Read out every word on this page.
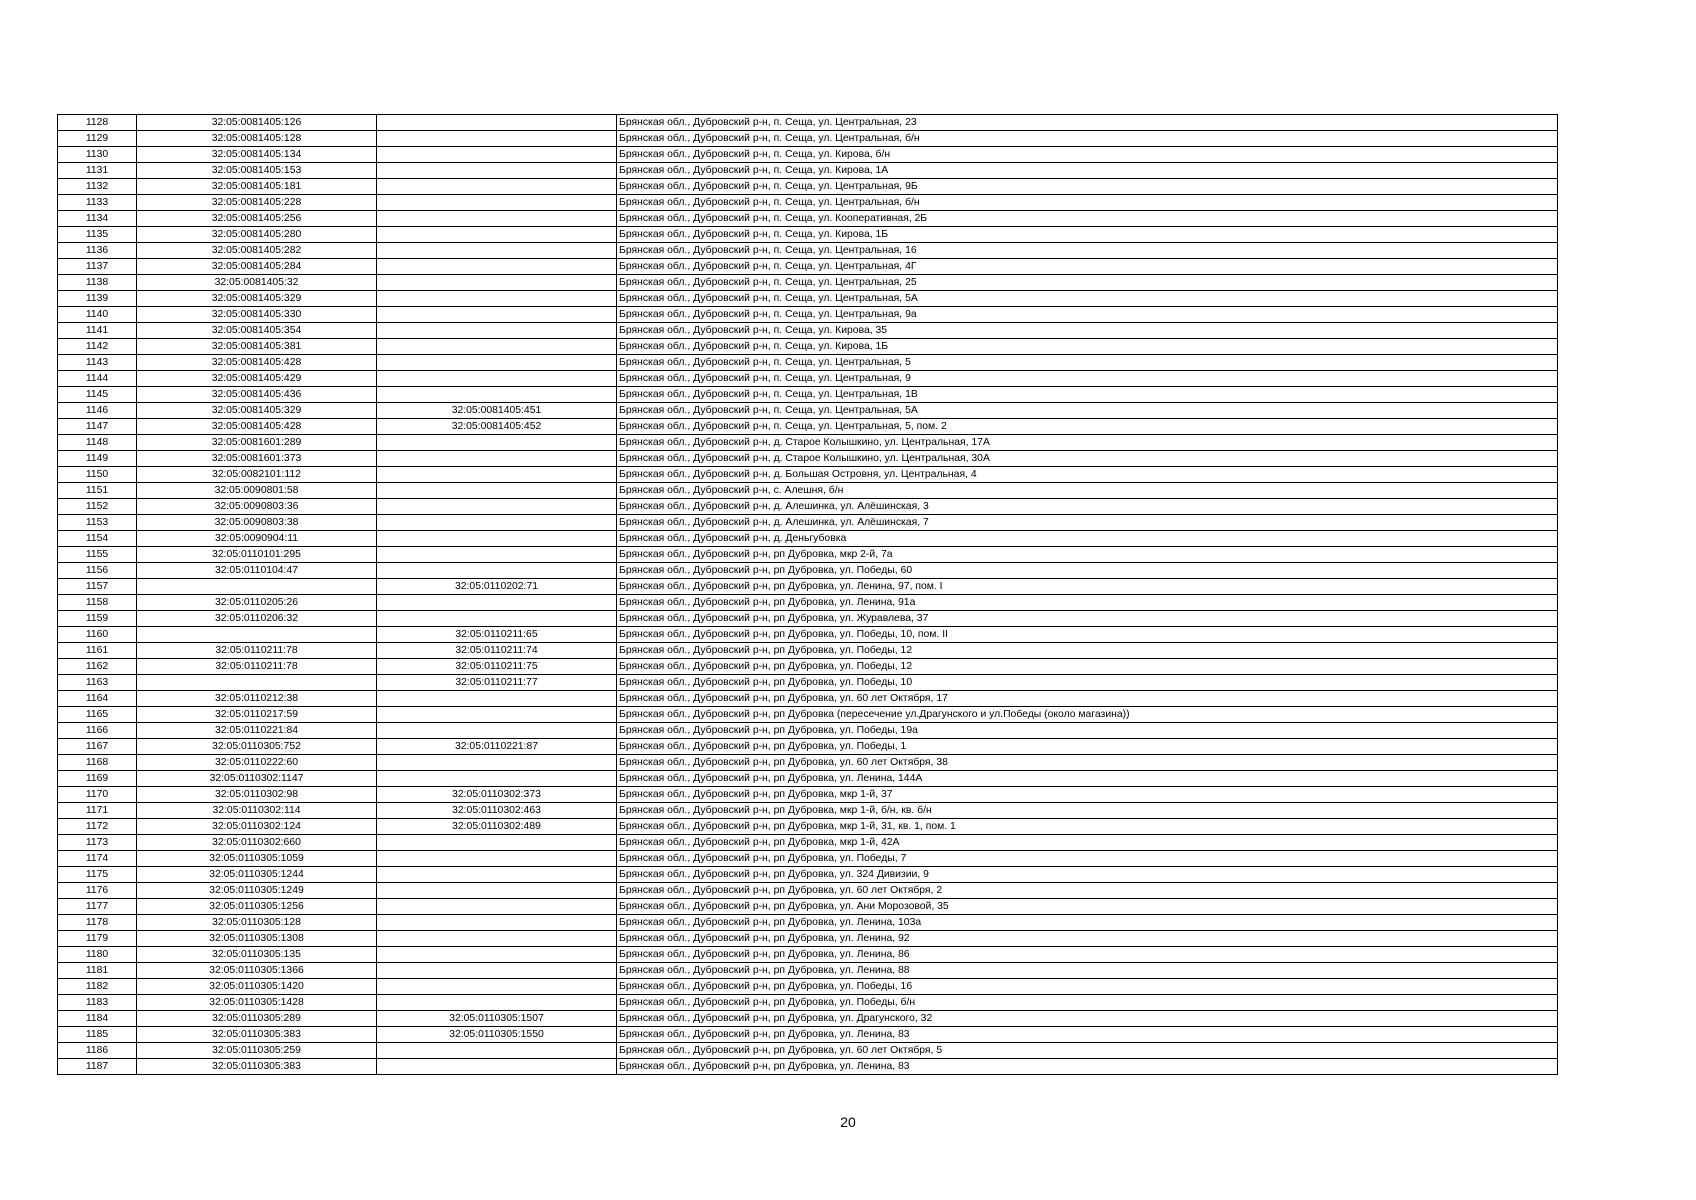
1128	32:05:0081405:126		Брянская обл., Дубровский р-н, п. Сеща, ул. Центральная, 23
1129	32:05:0081405:128		Брянская обл., Дубровский р-н, п. Сеща, ул. Центральная, б/н
1130	32:05:0081405:134		Брянская обл., Дубровский р-н, п. Сеща, ул. Кирова, б/н
1131	32:05:0081405:153		Брянская обл., Дубровский р-н, п. Сеща, ул. Кирова, 1А
1132	32:05:0081405:181		Брянская обл., Дубровский р-н, п. Сеща, ул. Центральная, 9Б
1133	32:05:0081405:228		Брянская обл., Дубровский р-н, п. Сеща, ул. Центральная, б/н
1134	32:05:0081405:256		Брянская обл., Дубровский р-н, п. Сеща, ул. Кооперативная, 2Б
1135	32:05:0081405:280		Брянская обл., Дубровский р-н, п. Сеща, ул. Кирова, 1Б
1136	32:05:0081405:282		Брянская обл., Дубровский р-н, п. Сеща, ул. Центральная, 16
1137	32:05:0081405:284		Брянская обл., Дубровский р-н, п. Сеща, ул. Центральная, 4Г
1138	32:05:0081405:32		Брянская обл., Дубровский р-н, п. Сеща, ул. Центральная, 25
1139	32:05:0081405:329		Брянская обл., Дубровский р-н, п. Сеща, ул. Центральная, 5А
1140	32:05:0081405:330		Брянская обл., Дубровский р-н, п. Сеща, ул. Центральная, 9а
1141	32:05:0081405:354		Брянская обл., Дубровский р-н, п. Сеща, ул. Кирова, 35
1142	32:05:0081405:381		Брянская обл., Дубровский р-н, п. Сеща, ул. Кирова, 1Б
1143	32:05:0081405:428		Брянская обл., Дубровский р-н, п. Сеща, ул. Центральная, 5
1144	32:05:0081405:429		Брянская обл., Дубровский р-н, п. Сеща, ул. Центральная, 9
1145	32:05:0081405:436		Брянская обл., Дубровский р-н, п. Сеща, ул. Центральная, 1В
1146	32:05:0081405:329	32:05:0081405:451	Брянская обл., Дубровский р-н, п. Сеща, ул. Центральная, 5А
1147	32:05:0081405:428	32:05:0081405:452	Брянская обл., Дубровский р-н, п. Сеща, ул. Центральная, 5, пом. 2
1148	32:05:0081601:289		Брянская обл., Дубровский р-н, д. Старое Колышкино, ул. Центральная, 17А
1149	32:05:0081601:373		Брянская обл., Дубровский р-н, д. Старое Колышкино, ул. Центральная, 30А
1150	32:05:0082101:112		Брянская обл., Дубровский р-н, д. Большая Островня, ул. Центральная, 4
1151	32:05:0090801:58		Брянская обл., Дубровский р-н, с. Алешня, б/н
1152	32:05:0090803:36		Брянская обл., Дубровский р-н, д. Алешинка, ул. Алёшинская, 3
1153	32:05:0090803:38		Брянская обл., Дубровский р-н, д. Алешинка, ул. Алёшинская, 7
1154	32:05:0090904:11		Брянская обл., Дубровский р-н, д. Деньгубовка
1155	32:05:0110101:295		Брянская обл., Дубровский р-н, рп Дубровка, мкр 2-й, 7а
1156	32:05:0110104:47		Брянская обл., Дубровский р-н, рп Дубровка, ул. Победы, 60
1157		32:05:0110202:71	Брянская обл., Дубровский р-н, рп Дубровка, ул. Ленина, 97, пом. I
1158	32:05:0110205:26		Брянская обл., Дубровский р-н, рп Дубровка, ул. Ленина, 91а
1159	32:05:0110206:32		Брянская обл., Дубровский р-н, рп Дубровка, ул. Журавлева, 37
1160		32:05:0110211:65	Брянская обл., Дубровский р-н, рп Дубровка, ул. Победы, 10, пом. II
1161	32:05:0110211:78	32:05:0110211:74	Брянская обл., Дубровский р-н, рп Дубровка, ул. Победы, 12
1162	32:05:0110211:78	32:05:0110211:75	Брянская обл., Дубровский р-н, рп Дубровка, ул. Победы, 12
1163		32:05:0110211:77	Брянская обл., Дубровский р-н, рп Дубровка, ул. Победы, 10
1164	32:05:0110212:38		Брянская обл., Дубровский р-н, рп Дубровка, ул. 60 лет Октября, 17
1165	32:05:0110217:59		Брянская обл., Дубровский р-н, рп Дубровка (пересечение ул.Драгунского и ул.Победы (около магазина))
1166	32:05:0110221:84		Брянская обл., Дубровский р-н, рп Дубровка, ул. Победы, 19а
1167	32:05:0110305:752	32:05:0110221:87	Брянская обл., Дубровский р-н, рп Дубровка, ул. Победы, 1
1168	32:05:0110222:60		Брянская обл., Дубровский р-н, рп Дубровка, ул. 60 лет Октября, 38
1169	32:05:0110302:1147		Брянская обл., Дубровский р-н, рп Дубровка, ул. Ленина, 144А
1170	32:05:0110302:98	32:05:0110302:373	Брянская обл., Дубровский р-н, рп Дубровка, мкр 1-й, 37
1171	32:05:0110302:114	32:05:0110302:463	Брянская обл., Дубровский р-н, рп Дубровка, мкр 1-й, б/н, кв. б/н
1172	32:05:0110302:124	32:05:0110302:489	Брянская обл., Дубровский р-н, рп Дубровка, мкр 1-й, 31, кв. 1, пом. 1
1173	32:05:0110302:660		Брянская обл., Дубровский р-н, рп Дубровка, мкр 1-й, 42А
1174	32:05:0110305:1059		Брянская обл., Дубровский р-н, рп Дубровка, ул. Победы, 7
1175	32:05:0110305:1244		Брянская обл., Дубровский р-н, рп Дубровка, ул. 324 Дивизии, 9
1176	32:05:0110305:1249		Брянская обл., Дубровский р-н, рп Дубровка, ул. 60 лет Октября, 2
1177	32:05:0110305:1256		Брянская обл., Дубровский р-н, рп Дубровка, ул. Ани Морозовой, 35
1178	32:05:0110305:128		Брянская обл., Дубровский р-н, рп Дубровка, ул. Ленина, 103а
1179	32:05:0110305:1308		Брянская обл., Дубровский р-н, рп Дубровка, ул. Ленина, 92
1180	32:05:0110305:135		Брянская обл., Дубровский р-н, рп Дубровка, ул. Ленина, 86
1181	32:05:0110305:1366		Брянская обл., Дубровский р-н, рп Дубровка, ул. Ленина, 88
1182	32:05:0110305:1420		Брянская обл., Дубровский р-н, рп Дубровка, ул. Победы, 16
1183	32:05:0110305:1428		Брянская обл., Дубровский р-н, рп Дубровка, ул. Победы, б/н
1184	32:05:0110305:289	32:05:0110305:1507	Брянская обл., Дубровский р-н, рп Дубровка, ул. Драгунского, 32
1185	32:05:0110305:383	32:05:0110305:1550	Брянская обл., Дубровский р-н, рп Дубровка, ул. Ленина, 83
1186	32:05:0110305:259		Брянская обл., Дубровский р-н, рп Дубровка, ул. 60 лет Октября, 5
1187	32:05:0110305:383		Брянская обл., Дубровский р-н, рп Дубровка, ул. Ленина, 83
20
